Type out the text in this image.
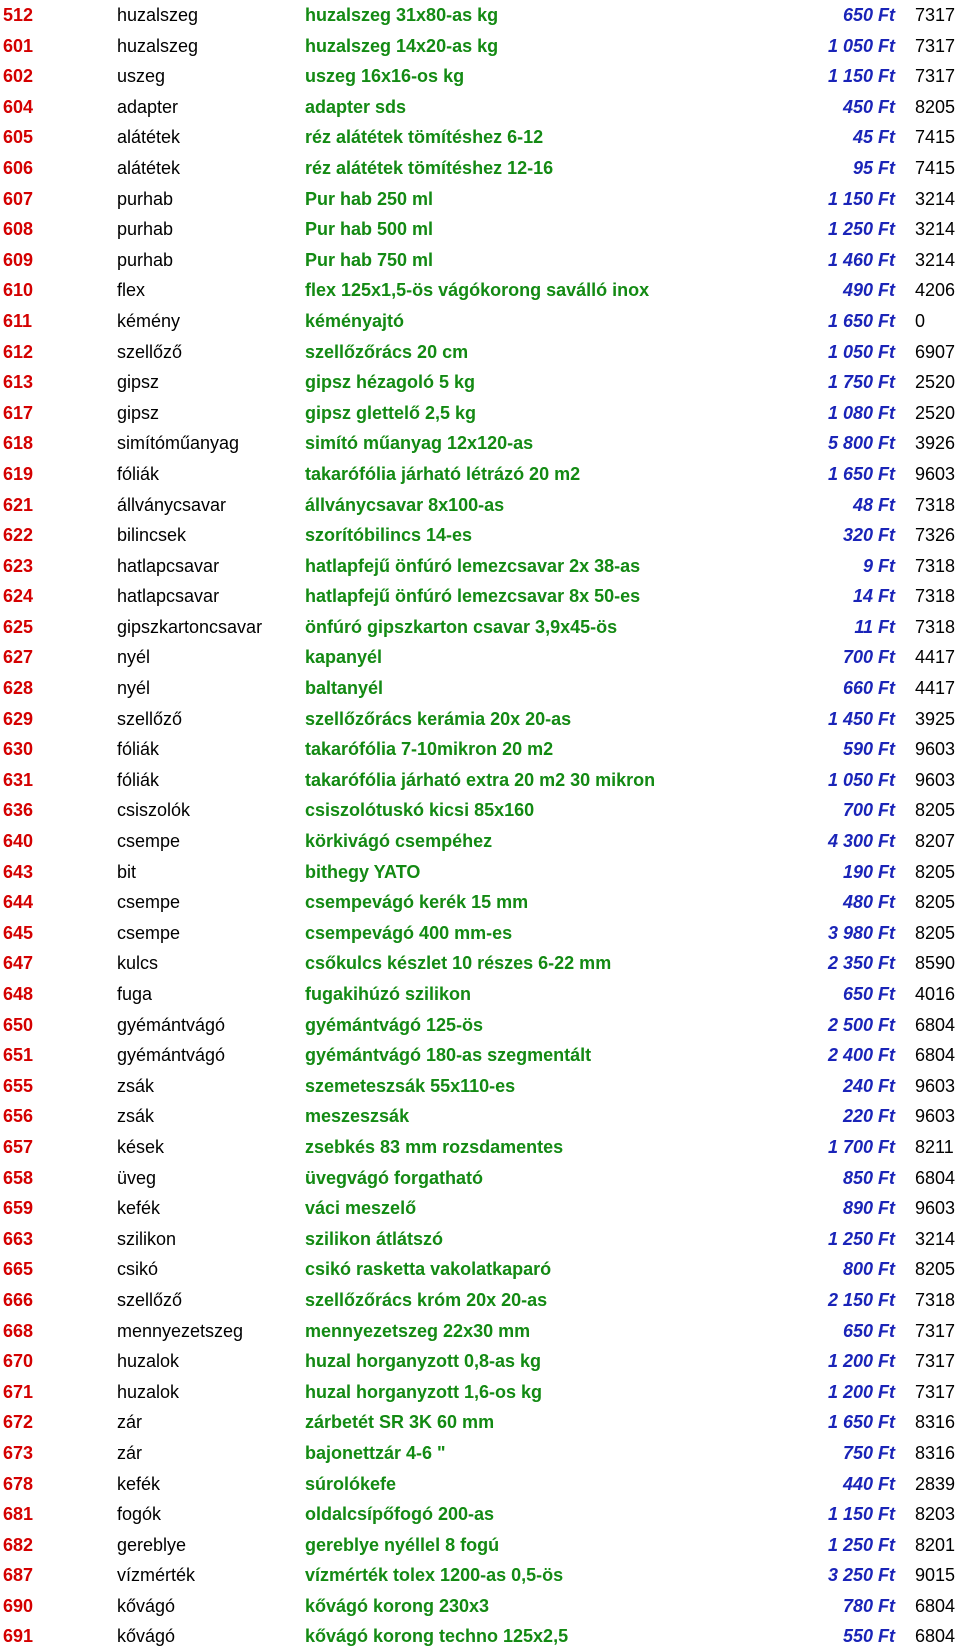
512	huzalszeg	huzalszeg 31x80-as kg	650 Ft 7317
601	huzalszeg	huzalszeg 14x20-as kg	1 050 Ft 7317
602	uszeg	uszeg 16x16-os kg	1 150 Ft 7317
604	adapter	adapter sds	450 Ft 8205
605	alátétek	réz alátétek tömítéshez 6-12	45 Ft 7415
606	alátétek	réz alátétek tömítéshez 12-16	95 Ft 7415
607	purhab	Pur hab 250 ml	1 150 Ft 3214
608	purhab	Pur hab 500 ml	1 250 Ft 3214
609	purhab	Pur hab 750 ml	1 460 Ft 3214
610	flex	flex 125x1,5-ös vágókorong saválló inox	490 Ft 4206
611	kémény	kéményajtó	1 650 Ft 0
612	szellőző	szellőzőrács 20 cm	1 050 Ft 6907
613	gipsz	gipsz hézagoló 5 kg	1 750 Ft 2520
617	gipsz	gipsz glettelő 2,5 kg	1 080 Ft 2520
618	simítóműanyag	simító műanyag 12x120-as	5 800 Ft 3926
619	fóliák	takarófólia járható létrázó 20 m2	1 650 Ft 9603
621	állványcsavar	állványcsavar 8x100-as	48 Ft 7318
622	bilincsek	szorítóbilincs 14-es	320 Ft 7326
623	hatlapcsavar	hatlapfejű önfúró lemezcsavar 2x 38-as	9 Ft 7318
624	hatlapcsavar	hatlapfejű önfúró lemezcsavar 8x 50-es	14 Ft 7318
625	gipszkartoncsavar	önfúró gipszkarton csavar 3,9x45-ös	11 Ft 7318
627	nyél	kapanyél	700 Ft 4417
628	nyél	baltanyél	660 Ft 4417
629	szellőző	szellőzőrács kerámia 20x 20-as	1 450 Ft 3925
630	fóliák	takarófólia 7-10mikron 20 m2	590 Ft 9603
631	fóliák	takarófólia járható extra 20 m2 30 mikron	1 050 Ft 9603
636	csiszolók	csiszolótuskó kicsi 85x160	700 Ft 8205
640	csempe	körkivágó csempéhez	4 300 Ft 8207
643	bit	bithegy YATO	190 Ft 8205
644	csempe	csempevágó kerék 15 mm	480 Ft 8205
645	csempe	csempevágó 400 mm-es	3 980 Ft 8205
647	kulcs	csőkulcs készlet 10 részes 6-22 mm	2 350 Ft 8590
648	fuga	fugakihúzó szilikon	650 Ft 4016
650	gyémántvágó	gyémántvágó 125-ös	2 500 Ft 6804
651	gyémántvágó	gyémántvágó 180-as szegmentált	2 400 Ft 6804
655	zsák	szemeteszsák 55x110-es	240 Ft 9603
656	zsák	meszeszsák	220 Ft 9603
657	kések	zsebkés 83 mm rozsdamentes	1 700 Ft 8211
658	üveg	üvegvágó forgatható	850 Ft 6804
659	kefék	váci meszelő	890 Ft 9603
663	szilikon	szilikon átlátszó	1 250 Ft 3214
665	csikó	csikó rasketta vakolatkaparó	800 Ft 8205
666	szellőző	szellőzőrács króm 20x 20-as	2 150 Ft 7318
668	mennyezetszeg	mennyezetszeg 22x30 mm	650 Ft 7317
670	huzalok	huzal horganyzott 0,8-as kg	1 200 Ft 7317
671	huzalok	huzal horganyzott 1,6-os kg	1 200 Ft 7317
672	zár	zárbetét SR 3K 60 mm	1 650 Ft 8316
673	zár	bajonettzár 4-6 "	750 Ft 8316
678	kefék	súrolókefe	440 Ft 2839
681	fogók	oldalcsípőfogó 200-as	1 150 Ft 8203
682	gereblye	gereblye nyéllel 8 fogú	1 250 Ft 8201
687	vízmérték	vízmérték tolex 1200-as 0,5-ös	3 250 Ft 9015
690	kővágó	kővágó korong 230x3	780 Ft 6804
691	kővágó	kővágó korong techno 125x2,5	550 Ft 6804
